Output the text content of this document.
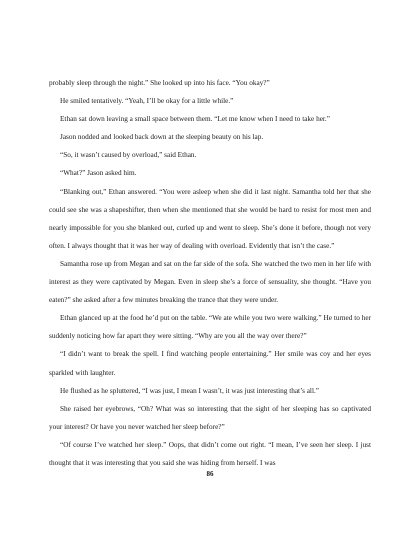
probably sleep through the night.” She looked up into his face. “You okay?”

He smiled tentatively. “Yeah, I’ll be okay for a little while.”

Ethan sat down leaving a small space between them. “Let me know when I need to take her.”

Jason nodded and looked back down at the sleeping beauty on his lap.

“So, it wasn’t caused by overload,” said Ethan.

“What?” Jason asked him.

“Blanking out,” Ethan answered. “You were asleep when she did it last night. Samantha told her that she could see she was a shapeshifter, then when she mentioned that she would be hard to resist for most men and nearly impossible for you she blanked out, curled up and went to sleep. She’s done it before, though not very often. I always thought that it was her way of dealing with overload. Evidently that isn’t the case.”

Samantha rose up from Megan and sat on the far side of the sofa. She watched the two men in her life with interest as they were captivated by Megan. Even in sleep she’s a force of sensuality, she thought. “Have you eaten?” she asked after a few minutes breaking the trance that they were under.

Ethan glanced up at the food he’d put on the table. “We ate while you two were walking.” He turned to her suddenly noticing how far apart they were sitting. “Why are you all the way over there?”

“I didn’t want to break the spell. I find watching people entertaining.” Her smile was coy and her eyes sparkled with laughter.

He flushed as he spluttered, “I was just, I mean I wasn’t, it was just interesting that’s all.”

She raised her eyebrows, “Oh? What was so interesting that the sight of her sleeping has so captivated your interest? Or have you never watched her sleep before?”

“Of course I’ve watched her sleep.” Oops, that didn’t come out right. “I mean, I’ve seen her sleep. I just thought that it was interesting that you said she was hiding from herself. I was

86
